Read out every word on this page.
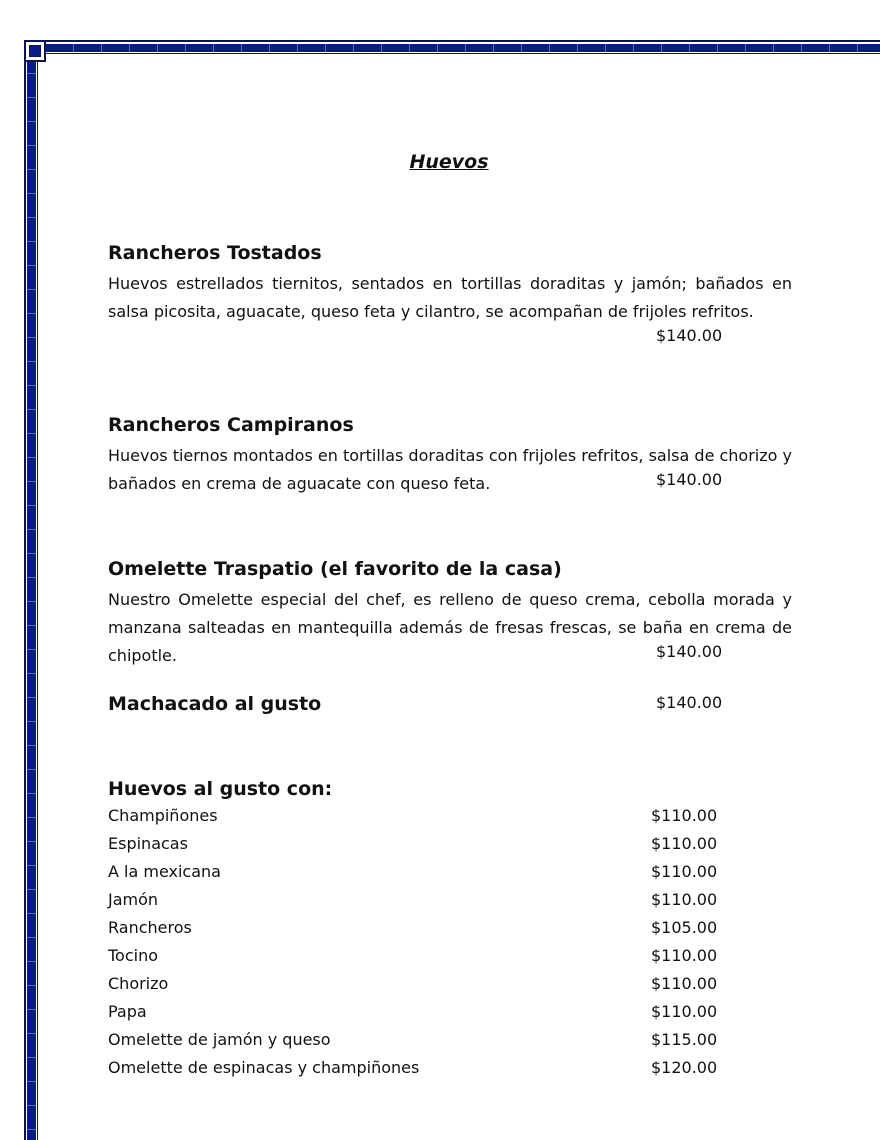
Huevos

Rancheros Tostados

Huevos estrellados tiernitos, sentados en tortillas doraditas y jamón; bañados en salsa picosita, aguacate, queso feta y cilantro, se acompañan de frijoles refritos.

$140.00

Rancheros Campiranos

Huevos tiernos montados en tortillas doraditas con frijoles refritos, salsa de chorizo y bañados en crema de aguacate con queso feta.	$140.00

Omelette Traspatio (el favorito de la casa)

Nuestro Omelette especial del chef, es relleno de queso crema, cebolla morada y manzana salteadas en mantequilla además de fresas frescas, se baña en crema de chipotle.	$140.00

Machacado al gusto	$140.00

Huevos al gusto con:

Champiñones	$110.00
Espinacas	$110.00
A la mexicana	$110.00
Jamón	$110.00
Rancheros	$105.00
Tocino	$110.00
Chorizo	$110.00
Papa	$110.00
Omelette de jamón y queso	$115.00
Omelette de espinacas y champiñones	$120.00
